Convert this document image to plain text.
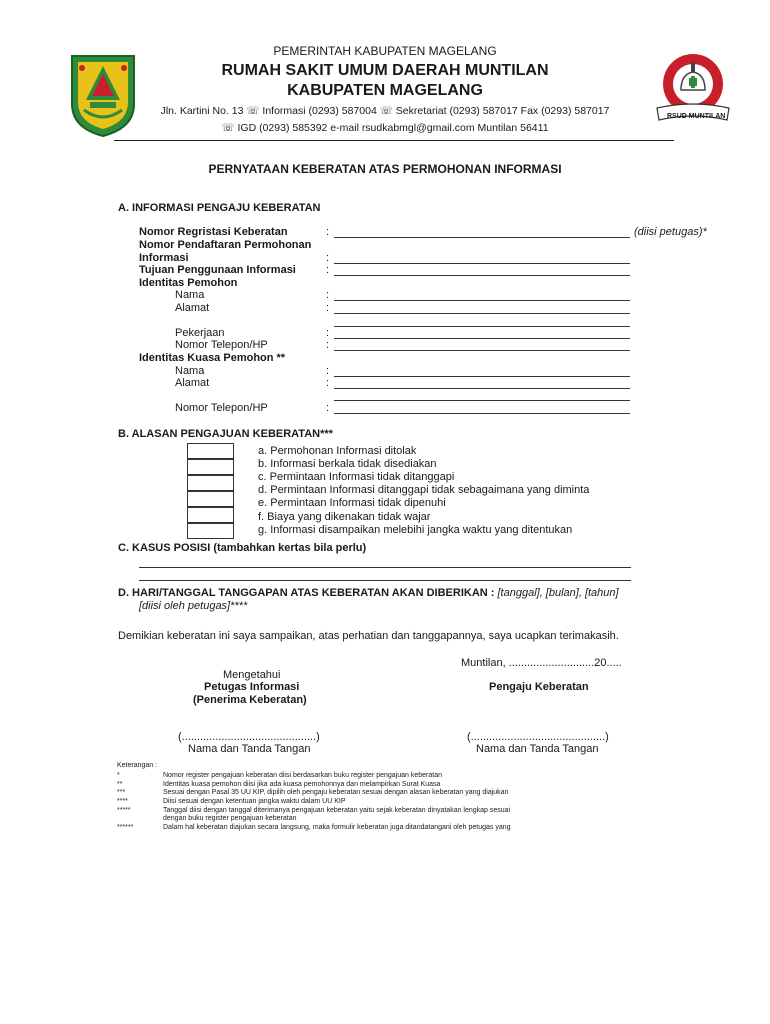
RSUD MUNTILAN
PEMERINTAH KABUPATEN MAGELANG
RUMAH SAKIT UMUM DAERAH MUNTILAN
KABUPATEN MAGELANG
Jln. Kartini No. 13 ☏ Informasi (0293) 587004 ☏ Sekretariat (0293) 587017 Fax (0293) 587017
☏ IGD (0293) 585392 e-mail rsudkabmgl@gmail.com Muntilan 56411
PERNYATAAN KEBERATAN ATAS PERMOHONAN INFORMASI
A. INFORMASI PENGAJU KEBERATAN
Nomor Regristasi Keberatan	:	(diisi petugas)*
Nomor Pendaftaran Permohonan
Informasi	:
Tujuan Penggunaan Informasi	:
Identitas Pemohon
Nama	:
Alamat	:
Pekerjaan	:
Nomor Telepon/HP	:
Identitas Kuasa Pemohon **
Nama	:
Alamat	:
Nomor Telepon/HP	:
B. ALASAN PENGAJUAN KEBERATAN***
a. Permohonan Informasi ditolak
b. Informasi berkala tidak disediakan
c. Permintaan Informasi tidak ditanggapi
d. Permintaan Informasi ditanggapi tidak sebagaimana yang diminta
e. Permintaan Informasi tidak dipenuhi
f. Biaya yang dikenakan tidak wajar
g. Informasi disampaikan melebihi jangka waktu yang ditentukan
C. KASUS POSISI (tambahkan kertas bila perlu)
D. HARI/TANGGAL TANGGAPAN ATAS KEBERATAN AKAN DIBERIKAN : [tanggal], [bulan], [tahun]
[diisi oleh petugas]****
Demikian keberatan ini saya sampaikan, atas perhatian dan tanggapannya, saya ucapkan terimakasih.
Muntilan, ............................20.....
Mengetahui
Petugas Informasi
(Penerima Keberatan)
Pengaju Keberatan
(............................................)	(............................................)
Nama dan Tanda Tangan	Nama dan Tanda Tangan
Keterangan :
*	Nomor register pengajuan keberatan diisi berdasarkan buku register pengajuan keberatan
**	Identitas kuasa pemohon diisi jika ada kuasa pemohonnya dan melampirkan Surat Kuasa
***	Sesuai dengan Pasal 35 UU KIP, dipilih oleh pengaju keberatan sesuai dengan alasan keberatan yang diajukan
****	Diisi sesuai dengan ketentuan jangka waktu dalam UU KIP
*****	Tanggal diisi dengan tanggal diterimanya pengajuan keberatan yaitu sejak keberatan dinyatakan lengkap sesuai
dengan buku register pengajuan keberatan
******	Dalam hal keberatan diajukan secara langsung, maka formulir keberatan juga ditandatangani oleh petugas yang
